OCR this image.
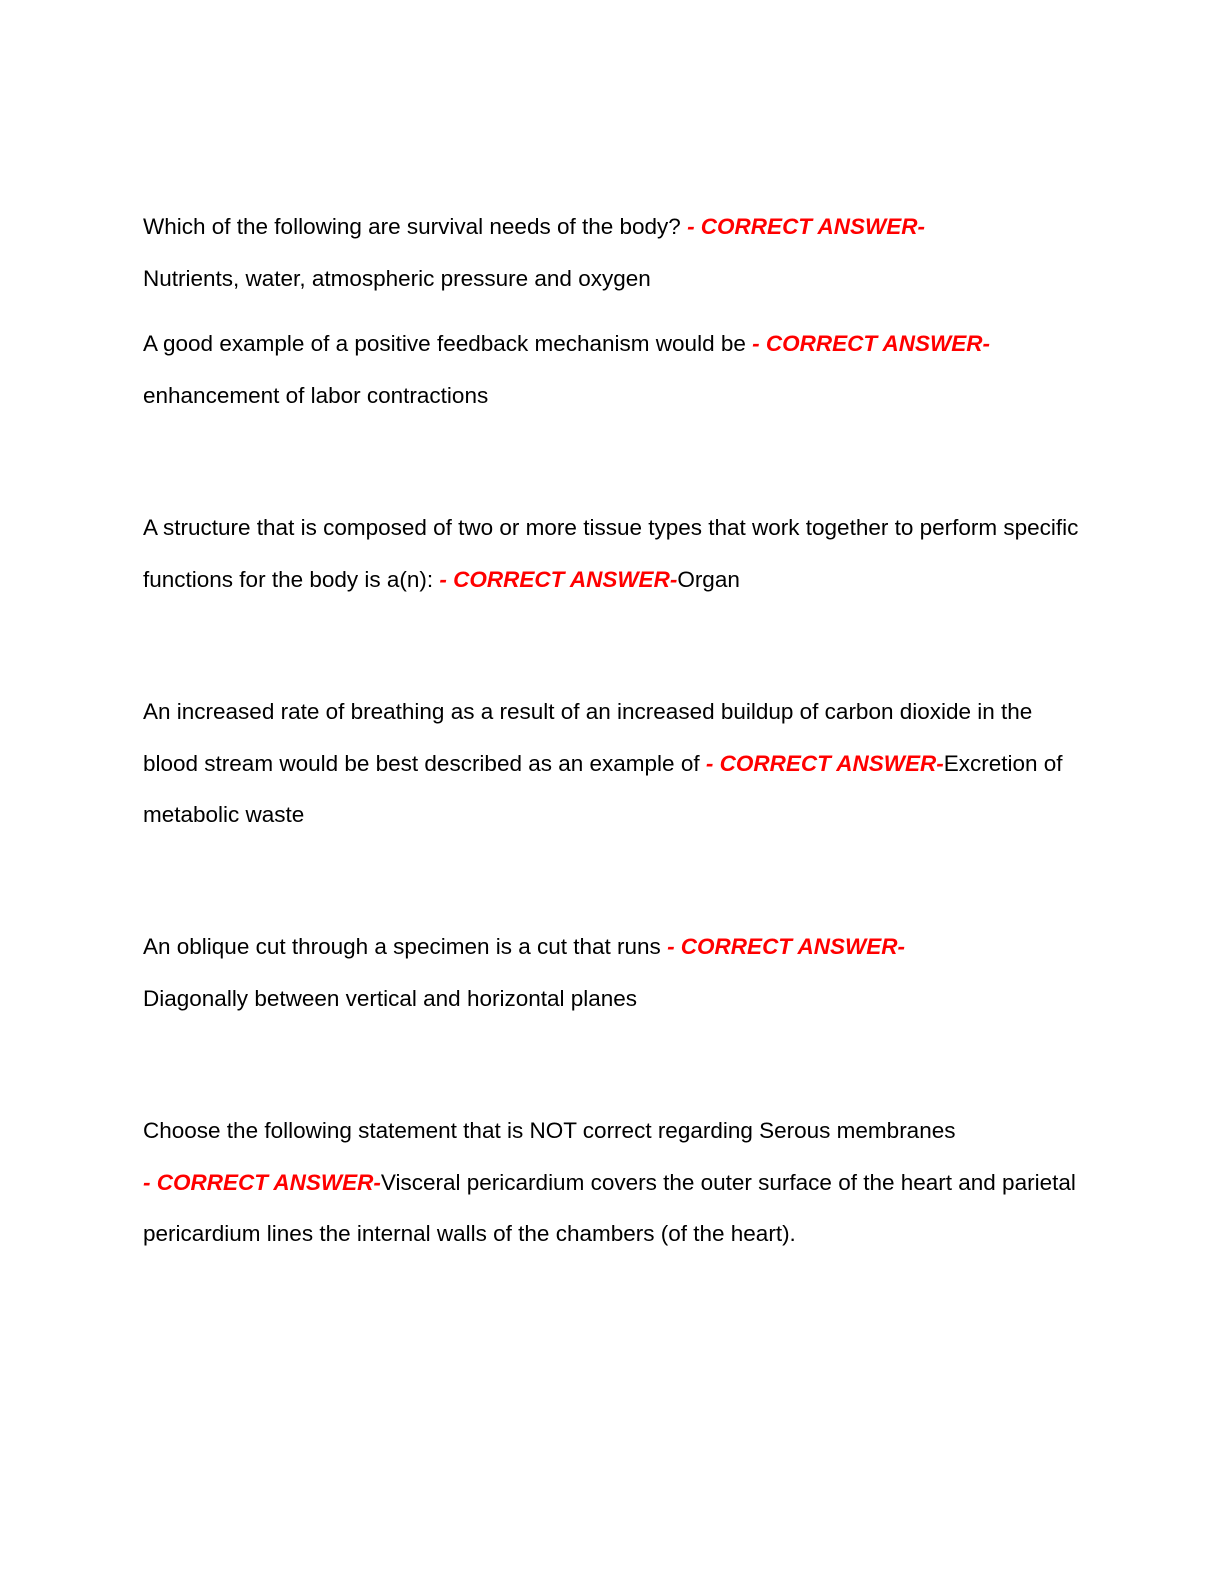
Which of the following are survival needs of the body? - CORRECT ANSWER-
Nutrients, water, atmospheric pressure and oxygen

A good example of a positive feedback mechanism would be - CORRECT ANSWER-enhancement of labor contractions

A structure that is composed of two or more tissue types that work together to perform specific functions for the body is a(n): - CORRECT ANSWER-Organ

An increased rate of breathing as a result of an increased buildup of carbon dioxide in the blood stream would be best described as an example of - CORRECT ANSWER-Excretion of metabolic waste

An oblique cut through a specimen is a cut that runs - CORRECT ANSWER-
Diagonally between vertical and horizontal planes

Choose the following statement that is NOT correct regarding Serous membranes
- CORRECT ANSWER-Visceral pericardium covers the outer surface of the heart and parietal pericardium lines the internal walls of the chambers (of the heart).
